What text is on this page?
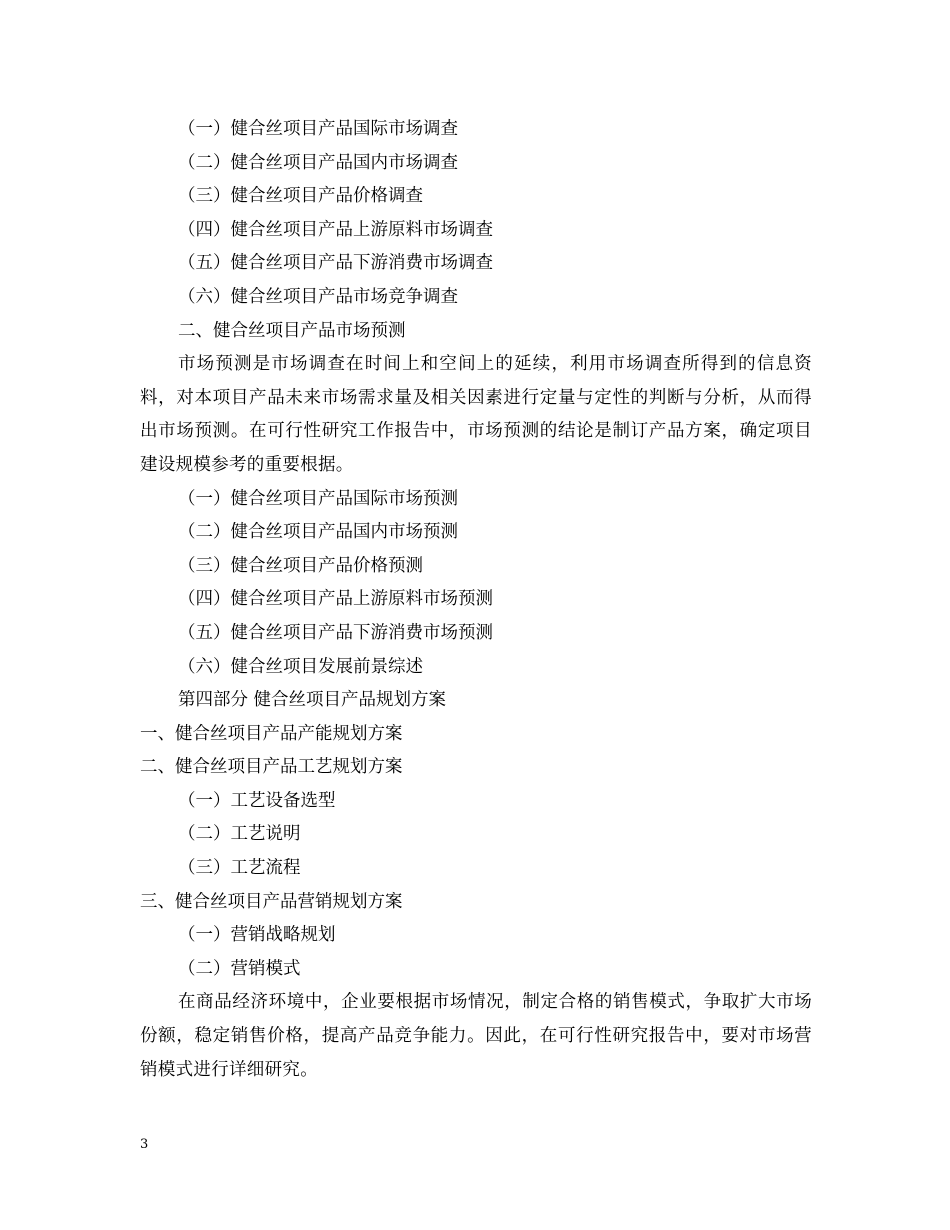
（一）健合丝项目产品国际市场调查
（二）健合丝项目产品国内市场调查
（三）健合丝项目产品价格调查
（四）健合丝项目产品上游原料市场调查
（五）健合丝项目产品下游消费市场调查
（六）健合丝项目产品市场竞争调查
二、健合丝项目产品市场预测

市场预测是市场调查在时间上和空间上的延续，利用市场调查所得到的信息资料，对本项目产品未来市场需求量及相关因素进行定量与定性的判断与分析，从而得出市场预测。在可行性研究工作报告中，市场预测的结论是制订产品方案，确定项目建设规模参考的重要根据。

（一）健合丝项目产品国际市场预测
（二）健合丝项目产品国内市场预测
（三）健合丝项目产品价格预测
（四）健合丝项目产品上游原料市场预测
（五）健合丝项目产品下游消费市场预测
（六）健合丝项目发展前景综述
第四部分 健合丝项目产品规划方案
一、健合丝项目产品产能规划方案
二、健合丝项目产品工艺规划方案
（一）工艺设备选型
（二）工艺说明
（三）工艺流程
三、健合丝项目产品营销规划方案
（一）营销战略规划
（二）营销模式

在商品经济环境中，企业要根据市场情况，制定合格的销售模式，争取扩大市场份额，稳定销售价格，提高产品竞争能力。因此，在可行性研究报告中，要对市场营销模式进行详细研究。

3
